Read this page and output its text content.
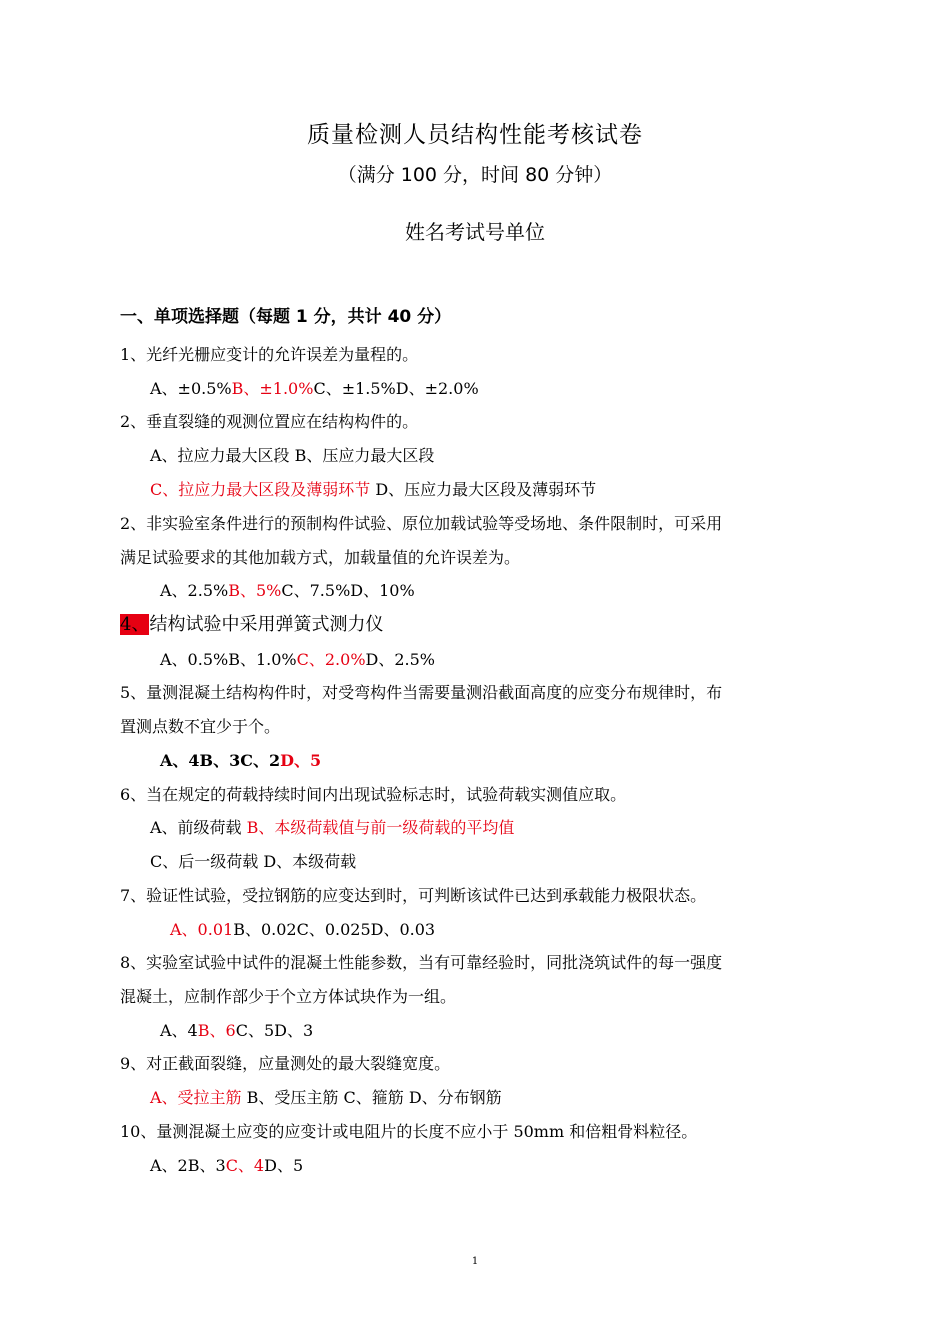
质量检测人员结构性能考核试卷
（满分 100 分，时间 80 分钟）
姓名考试号单位
一、单项选择题（每题 1 分，共计 40 分）
1、光纤光栅应变计的允许误差为量程的。
A、±0.5%B、±1.0%C、±1.5%D、±2.0%
2、垂直裂缝的观测位置应在结构构件的。
A、拉应力最大区段 B、压应力最大区段
C、拉应力最大区段及薄弱环节 D、压应力最大区段及薄弱环节
2、非实验室条件进行的预制构件试验、原位加载试验等受场地、条件限制时，可采用
满足试验要求的其他加载方式，加载量值的允许误差为。
A、2.5%B、5%C、7.5%D、10%
4、结构试验中采用弹簧式测力仪
A、0.5%B、1.0%C、2.0%D、2.5%
5、量测混凝土结构构件时，对受弯构件当需要量测沿截面高度的应变分布规律时，布
置测点数不宜少于个。
A、4B、3C、2D、5
6、当在规定的荷载持续时间内出现试验标志时，试验荷载实测值应取。
A、前级荷载 B、本级荷载值与前一级荷载的平均值
C、后一级荷载 D、本级荷载
7、验证性试验，受拉钢筋的应变达到时，可判断该试件已达到承载能力极限状态。
A、0.01B、0.02C、0.025D、0.03
8、实验室试验中试件的混凝土性能参数，当有可靠经验时，同批浇筑试件的每一强度
混凝土，应制作部少于个立方体试块作为一组。
A、4B、6C、5D、3
9、对正截面裂缝，应量测处的最大裂缝宽度。
A、受拉主筋 B、受压主筋 C、箍筋 D、分布钢筋
10、量测混凝土应变的应变计或电阻片的长度不应小于 50mm 和倍粗骨料粒径。
A、2B、3C、4D、5
1
